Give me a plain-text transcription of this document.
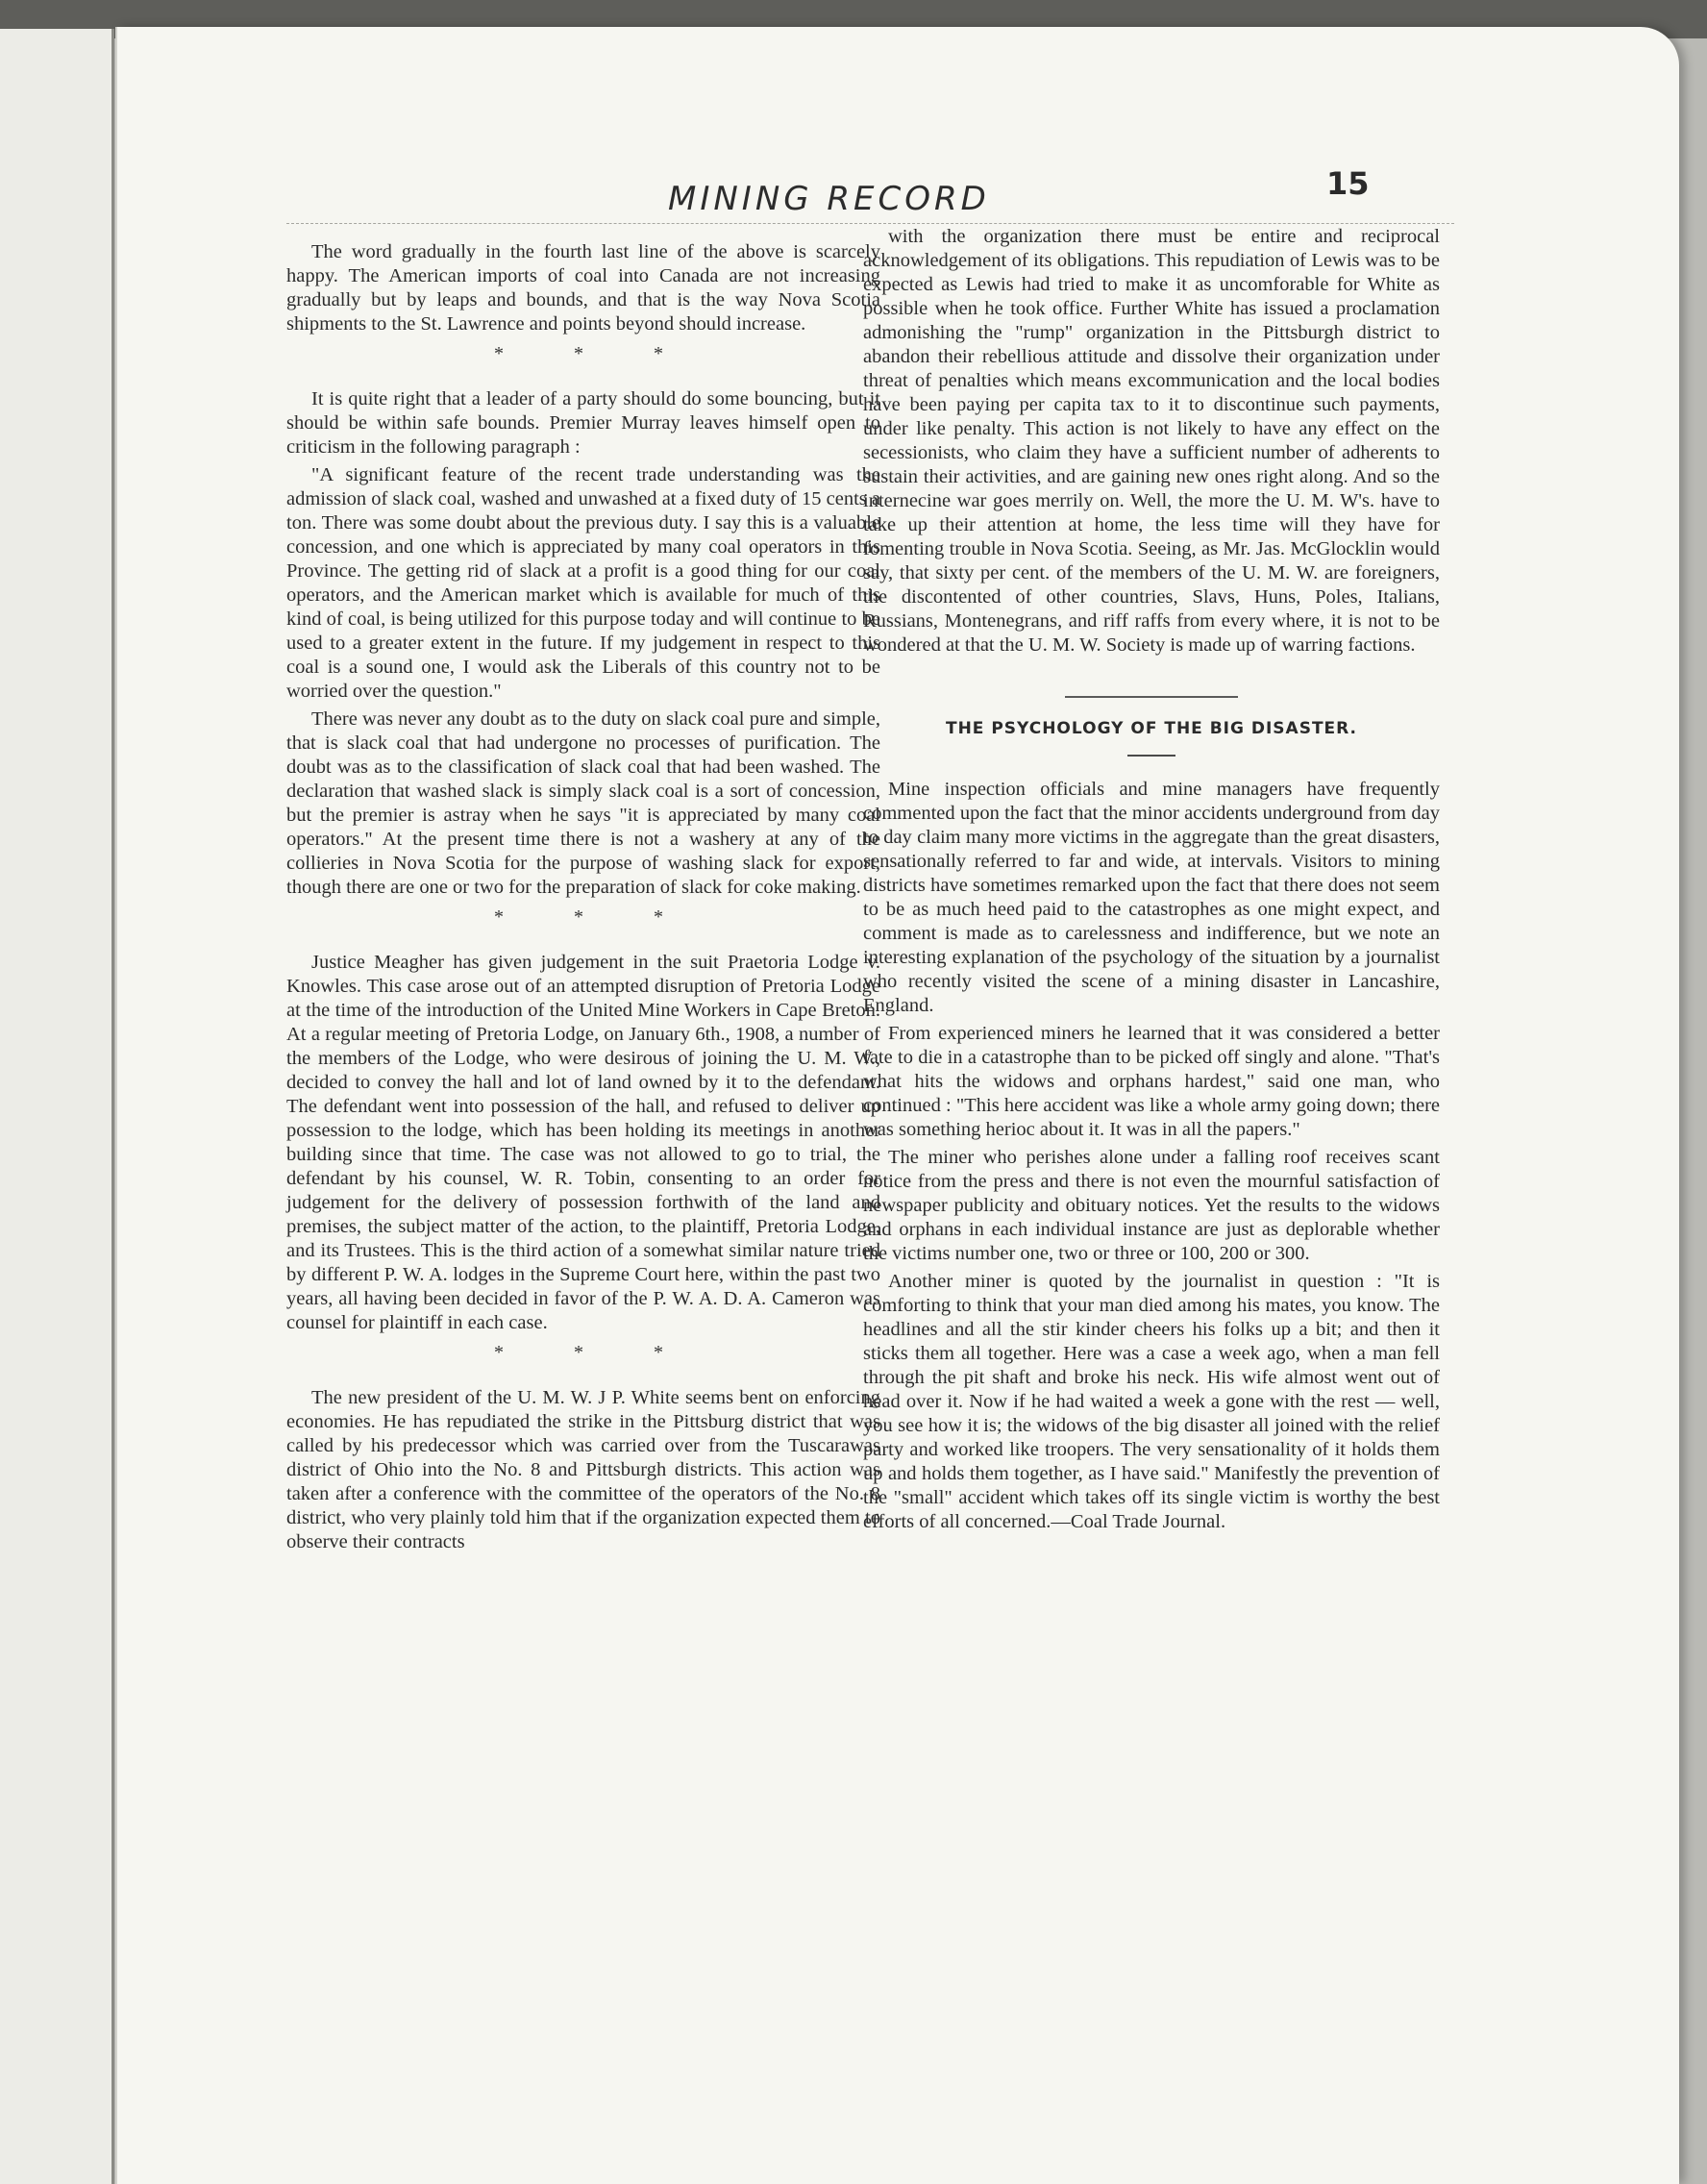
MINING RECORD	15

The word gradually in the fourth last line of the above is scarcely happy. The American imports of coal into Canada are not increasing gradually but by leaps and bounds, and that is the way Nova Scotia shipments to the St. Lawrence and points beyond should increase.

* * *

It is quite right that a leader of a party should do some bouncing, but it should be within safe bounds. Premier Murray leaves himself open to criticism in the following paragraph :

"A significant feature of the recent trade understanding was the admission of slack coal, washed and unwashed at a fixed duty of 15 cents a ton. There was some doubt about the previous duty. I say this is a valuable concession, and one which is appreciated by many coal operators in this Province. The getting rid of slack at a profit is a good thing for our coal operators, and the American market which is available for much of this kind of coal, is being utilized for this purpose today and will continue to be used to a greater extent in the future. If my judgement in respect to this coal is a sound one, I would ask the Liberals of this country not to be worried over the question."

There was never any doubt as to the duty on slack coal pure and simple, that is slack coal that had undergone no processes of purification. The doubt was as to the classification of slack coal that had been washed. The declaration that washed slack is simply slack coal is a sort of concession, but the premier is astray when he says "it is appreciated by many coal operators." At the present time there is not a washery at any of the collieries in Nova Scotia for the purpose of washing slack for export, though there are one or two for the preparation of slack for coke making.

* * *

Justice Meagher has given judgement in the suit Praetoria Lodge v. Knowles. This case arose out of an attempted disruption of Pretoria Lodge at the time of the introduction of the United Mine Workers in Cape Breton. At a regular meeting of Pretoria Lodge, on January 6th., 1908, a number of the members of the Lodge, who were desirous of joining the U. M. W., decided to convey the hall and lot of land owned by it to the defendant. The defendant went into possession of the hall, and refused to deliver up possession to the lodge, which has been holding its meetings in another building since that time. The case was not allowed to go to trial, the defendant by his counsel, W. R. Tobin, consenting to an order for judgement for the delivery of possession forthwith of the land and premises, the subject matter of the action, to the plaintiff, Pretoria Lodge, and its Trustees. This is the third action of a somewhat similar nature tried by different P. W. A. lodges in the Supreme Court here, within the past two years, all having been decided in favor of the P. W. A. D. A. Cameron was counsel for plaintiff in each case.

* * *

The new president of the U. M. W. J P. White seems bent on enforcing economies. He has repudiated the strike in the Pittsburg district that was called by his predecessor which was carried over from the Tuscarawas district of Ohio into the No. 8 and Pittsburgh districts. This action was taken after a conference with the committee of the operators of the No. 8 district, who very plainly told him that if the organization expected them to observe their contracts

with the organization there must be entire and reciprocal acknowledgement of its obligations. This repudiation of Lewis was to be expected as Lewis had tried to make it as uncomforable for White as possible when he took office. Further White has issued a proclamation admonishing the "rump" organization in the Pittsburgh district to abandon their rebellious attitude and dissolve their organization under threat of penalties which means excommunication and the local bodies have been paying per capita tax to it to discontinue such payments, under like penalty. This action is not likely to have any effect on the secessionists, who claim they have a sufficient number of adherents to sustain their activities, and are gaining new ones right along. And so the internecine war goes merrily on. Well, the more the U. M. W's. have to take up their attention at home, the less time will they have for fomenting trouble in Nova Scotia. Seeing, as Mr. Jas. McGlocklin would say, that sixty per cent. of the members of the U. M. W. are foreigners, the discontented of other countries, Slavs, Huns, Poles, Italians, Russians, Montenegrans, and riff raffs from every where, it is not to be wondered at that the U. M. W. Society is made up of warring factions.

THE PSYCHOLOGY OF THE BIG DISASTER.

Mine inspection officials and mine managers have frequently commented upon the fact that the minor accidents underground from day to day claim many more victims in the aggregate than the great disasters, sensationally referred to far and wide, at intervals. Visitors to mining districts have sometimes remarked upon the fact that there does not seem to be as much heed paid to the catastrophes as one might expect, and comment is made as to carelessness and indifference, but we note an interesting explanation of the psychology of the situation by a journalist who recently visited the scene of a mining disaster in Lancashire, England.

From experienced miners he learned that it was considered a better fate to die in a catastrophe than to be picked off singly and alone. "That's what hits the widows and orphans hardest," said one man, who continued : "This here accident was like a whole army going down; there was something herioc about it. It was in all the papers."

The miner who perishes alone under a falling roof receives scant notice from the press and there is not even the mournful satisfaction of newspaper publicity and obituary notices. Yet the results to the widows and orphans in each individual instance are just as deplorable whether the victims number one, two or three or 100, 200 or 300.

Another miner is quoted by the journalist in question : "It is comforting to think that your man died among his mates, you know. The headlines and all the stir kinder cheers his folks up a bit; and then it sticks them all together. Here was a case a week ago, when a man fell through the pit shaft and broke his neck. His wife almost went out of head over it. Now if he had waited a week a gone with the rest — well, you see how it is; the widows of the big disaster all joined with the relief party and worked like troopers. The very sensationality of it holds them up and holds them together, as I have said." Manifestly the prevention of the "small" accident which takes off its single victim is worthy the best efforts of all concerned.—Coal Trade Journal.
